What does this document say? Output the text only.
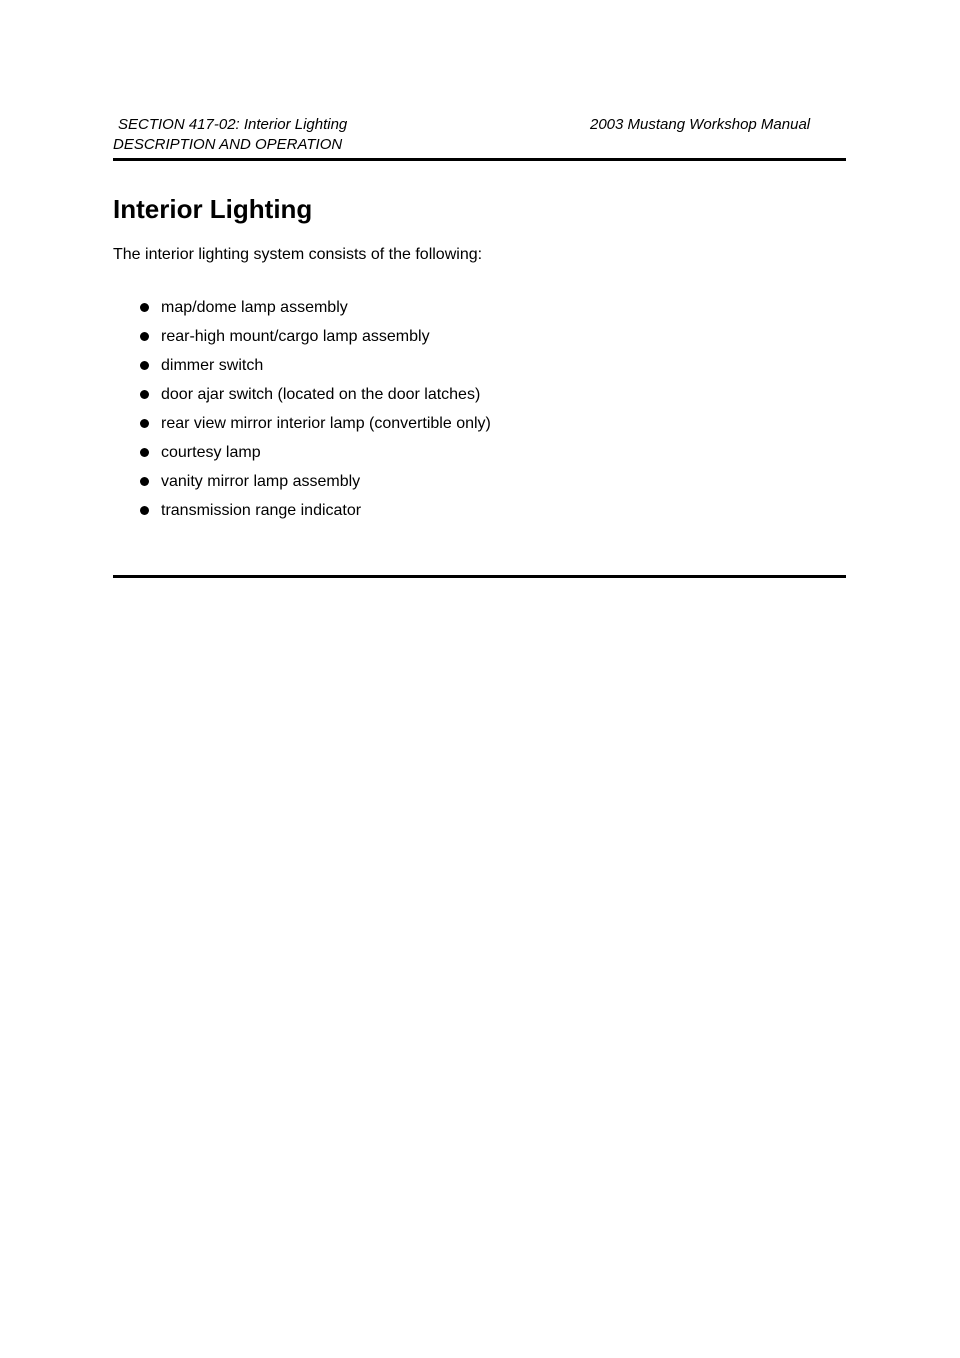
SECTION 417-02: Interior Lighting	2003 Mustang Workshop Manual
DESCRIPTION AND OPERATION
Interior Lighting

The interior lighting system consists of the following:

map/dome lamp assembly
rear-high mount/cargo lamp assembly
dimmer switch
door ajar switch (located on the door latches)
rear view mirror interior lamp (convertible only)
courtesy lamp
vanity mirror lamp assembly
transmission range indicator
